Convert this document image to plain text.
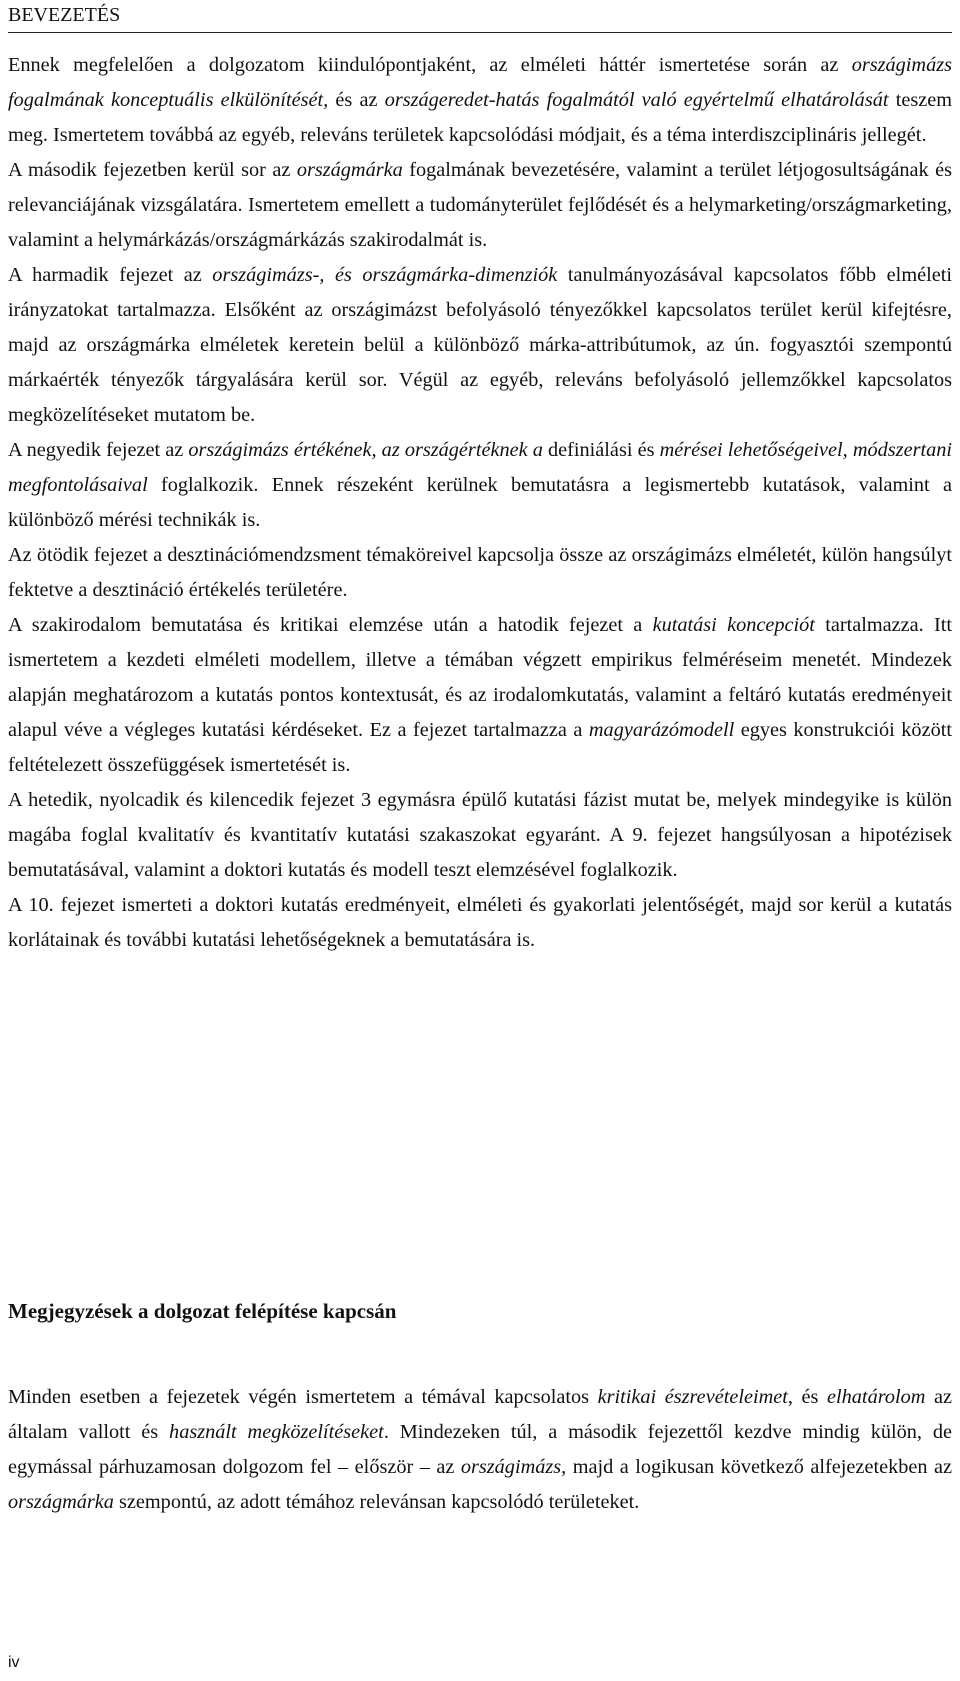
BEVEZETÉS

Ennek megfelelően a dolgozatom kiindulópontjaként, az elméleti háttér ismertetése során az országimázs fogalmának konceptuális elkülönítését, és az országeredet-hatás fogalmától való egyértelmű elhatárolását teszem meg. Ismertetem továbbá az egyéb, releváns területek kapcsolódási módjait, és a téma interdiszciplináris jellegét.

A második fejezetben kerül sor az országmárka fogalmának bevezetésére, valamint a terület létjogosultságának és relevanciájának vizsgálatára. Ismertetem emellett a tudományterület fejlődését és a helymarketing/országmarketing, valamint a helymárkázás/országmárkázás szakirodalmát is.

A harmadik fejezet az országimázs-, és országmárka-dimenziók tanulmányozásával kapcsolatos főbb elméleti irányzatokat tartalmazza. Elsőként az országimázst befolyásoló tényezőkkel kapcsolatos terület kerül kifejtésre, majd az országmárka elméletek keretein belül a különböző márka-attribútumok, az ún. fogyasztói szempontú márkaérték tényezők tárgyalására kerül sor. Végül az egyéb, releváns befolyásoló jellemzőkkel kapcsolatos megközelítéseket mutatom be.

A negyedik fejezet az országimázs értékének, az országértéknek a definiálási és mérései lehetőségeivel, módszertani megfontolásaival foglalkozik. Ennek részeként kerülnek bemutatásra a legismertebb kutatások, valamint a különböző mérési technikák is.

Az ötödik fejezet a desztinációmendzsment témaköreivel kapcsolja össze az országimázs elméletét, külön hangsúlyt fektetve a desztináció értékelés területére.

A szakirodalom bemutatása és kritikai elemzése után a hatodik fejezet a kutatási koncepciót tartalmazza. Itt ismertetem a kezdeti elméleti modellem, illetve a témában végzett empirikus felméréseim menetét. Mindezek alapján meghatározom a kutatás pontos kontextusát, és az irodalomkutatás, valamint a feltáró kutatás eredményeit alapul véve a végleges kutatási kérdéseket. Ez a fejezet tartalmazza a magyarázómodell egyes konstrukciói között feltételezett összefüggések ismertetését is.

A hetedik, nyolcadik és kilencedik fejezet 3 egymásra épülő kutatási fázist mutat be, melyek mindegyike is külön magába foglal kvalitatív és kvantitatív kutatási szakaszokat egyaránt. A 9. fejezet hangsúlyosan a hipotézisek bemutatásával, valamint a doktori kutatás és modell teszt elemzésével foglalkozik.

A 10. fejezet ismerteti a doktori kutatás eredményeit, elméleti és gyakorlati jelentőségét, majd sor kerül a kutatás korlátainak és további kutatási lehetőségeknek a bemutatására is.

Megjegyzések a dolgozat felépítése kapcsán

Minden esetben a fejezetek végén ismertetem a témával kapcsolatos kritikai észrevételeimet, és elhatárolom az általam vallott és használt megközelítéseket. Mindezeken túl, a második fejezettől kezdve mindig külön, de egymással párhuzamosan dolgozom fel – először – az országimázs, majd a logikusan következő alfejezetekben az országmárka szempontú, az adott témához relevánsan kapcsolódó területeket.

iv
